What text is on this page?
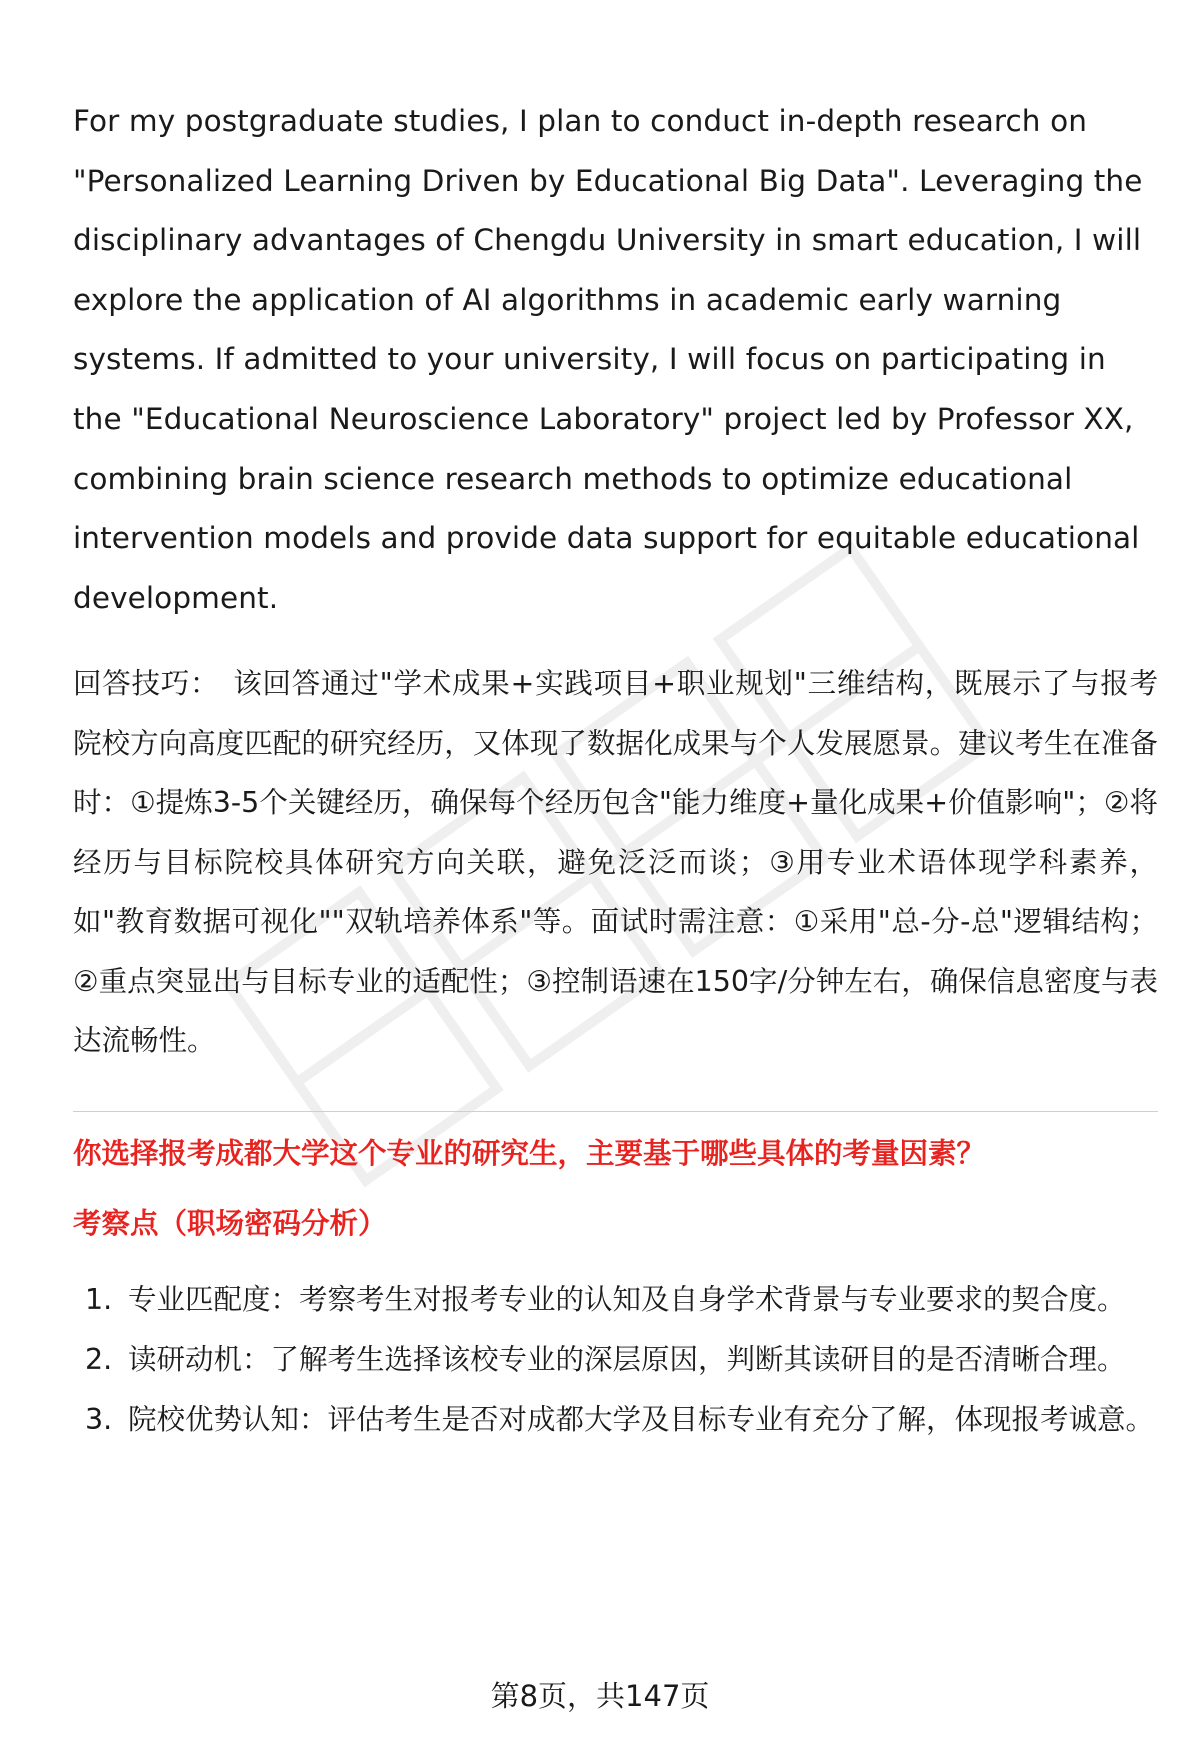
For my postgraduate studies, I plan to conduct in-depth research on "Personalized Learning Driven by Educational Big Data". Leveraging the disciplinary advantages of Chengdu University in smart education, I will explore the application of AI algorithms in academic early warning systems. If admitted to your university, I will focus on participating in the "Educational Neuroscience Laboratory" project led by Professor XX, combining brain science research methods to optimize educational intervention models and provide data support for equitable educational development.

回答技巧： 该回答通过"学术成果+实践项目+职业规划"三维结构，既展示了与报考院校方向高度匹配的研究经历，又体现了数据化成果与个人发展愿景。建议考生在准备时：①提炼3-5个关键经历，确保每个经历包含"能力维度+量化成果+价值影响"；②将经历与目标院校具体研究方向关联，避免泛泛而谈；③用专业术语体现学科素养，如"教育数据可视化""双轨培养体系"等。面试时需注意：①采用"总-分-总"逻辑结构；②重点突显出与目标专业的适配性；③控制语速在150字/分钟左右，确保信息密度与表达流畅性。

你选择报考成都大学这个专业的研究生，主要基于哪些具体的考量因素？
考察点（职场密码分析）
1. 专业匹配度：考察考生对报考专业的认知及自身学术背景与专业要求的契合度。
2. 读研动机：了解考生选择该校专业的深层原因，判断其读研目的是否清晰合理。
3. 院校优势认知：评估考生是否对成都大学及目标专业有充分了解，体现报考诚意。
第8页，共147页
